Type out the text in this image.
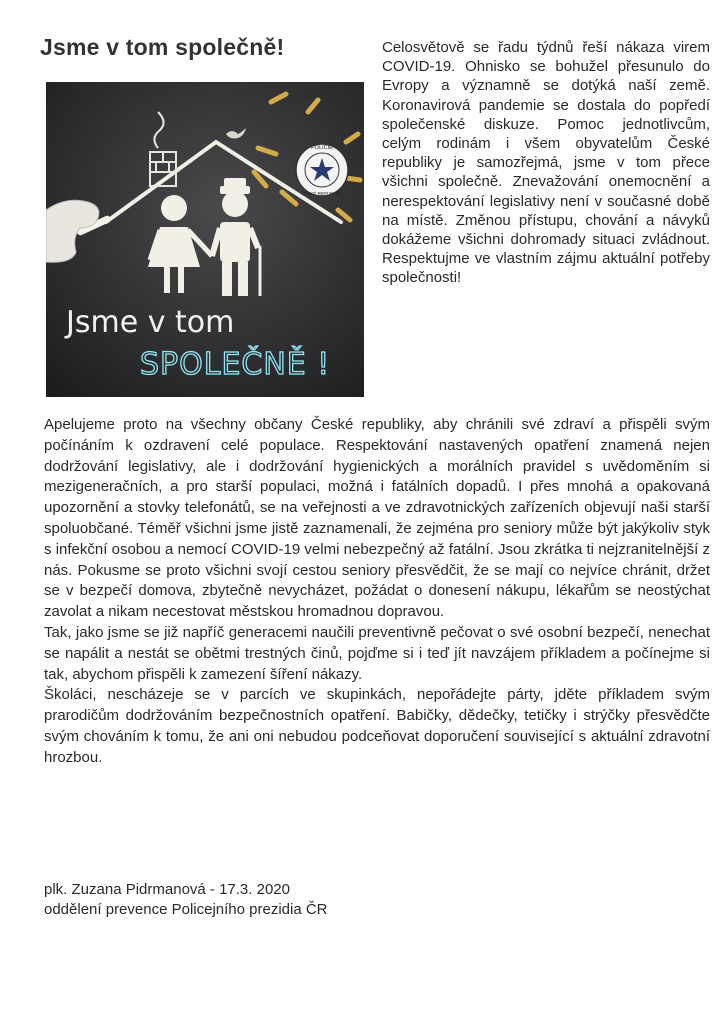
Jsme v tom společně!
POLICIE
ČESKÉ REPUBLIKY
Jsme v tom
SPOLEČNĚ !

Celosvětově se řadu týdnů řeší nákaza virem COVID-19. Ohnisko se bohužel přesunulo do Evropy a významně se dotýká naší země. Koronavirová pandemie se dostala do popředí společenské diskuze. Pomoc jednotlivcům, celým rodinám i všem obyvatelům České republiky je samozřejmá, jsme v tom přece všichni společně. Znevažování onemocnění a nerespektování legislativy není v současné době na místě. Změnou přístupu, chování a návyků dokážeme všichni dohromady situaci zvládnout. Respektujme ve vlastním zájmu aktuální potřeby společnosti!

Apelujeme proto na všechny občany České republiky, aby chránili své zdraví a přispěli svým počínáním k ozdravení celé populace. Respektování nastavených opatření znamená nejen dodržování legislativy, ale i dodržování hygienických a morálních pravidel s uvědoměním si mezigeneračních, a pro starší populaci, možná i fatálních dopadů. I přes mnohá a opakovaná upozornění a stovky telefonátů, se na veřejnosti a ve zdravotnických zařízeních objevují naši starší spoluobčané. Téměř všichni jsme jistě zaznamenali, že zejména pro seniory může být jakýkoliv styk s infekční osobou a nemocí COVID-19 velmi nebezpečný až fatální. Jsou zkrátka ti nejzranitelnější z nás. Pokusme se proto všichni svojí cestou seniory přesvědčit, že se mají co nejvíce chránit, držet se v bezpečí domova, zbytečně nevycházet, požádat o donesení nákupu, lékařům se neostýchat zavolat a nikam necestovat městskou hromadnou dopravou.

Tak, jako jsme se již napříč generacemi naučili preventivně pečovat o své osobní bezpečí, nenechat se napálit a nestát se obětmi trestných činů, pojďme si i teď jít navzájem příkladem a počínejme si tak, abychom přispěli k zamezení šíření nákazy.

Školáci, nescházeje se v parcích ve skupinkách, nepořádejte párty, jděte příkladem svým prarodičům dodržováním bezpečnostních opatření. Babičky, dědečky, tetičky i strýčky přesvědčte svým chováním k tomu, že ani oni nebudou podceňovat doporučení související s aktuální zdravotní hrozbou.

plk. Zuzana Pidrmanová - 17.3. 2020

oddělení prevence Policejního prezidia ČR
